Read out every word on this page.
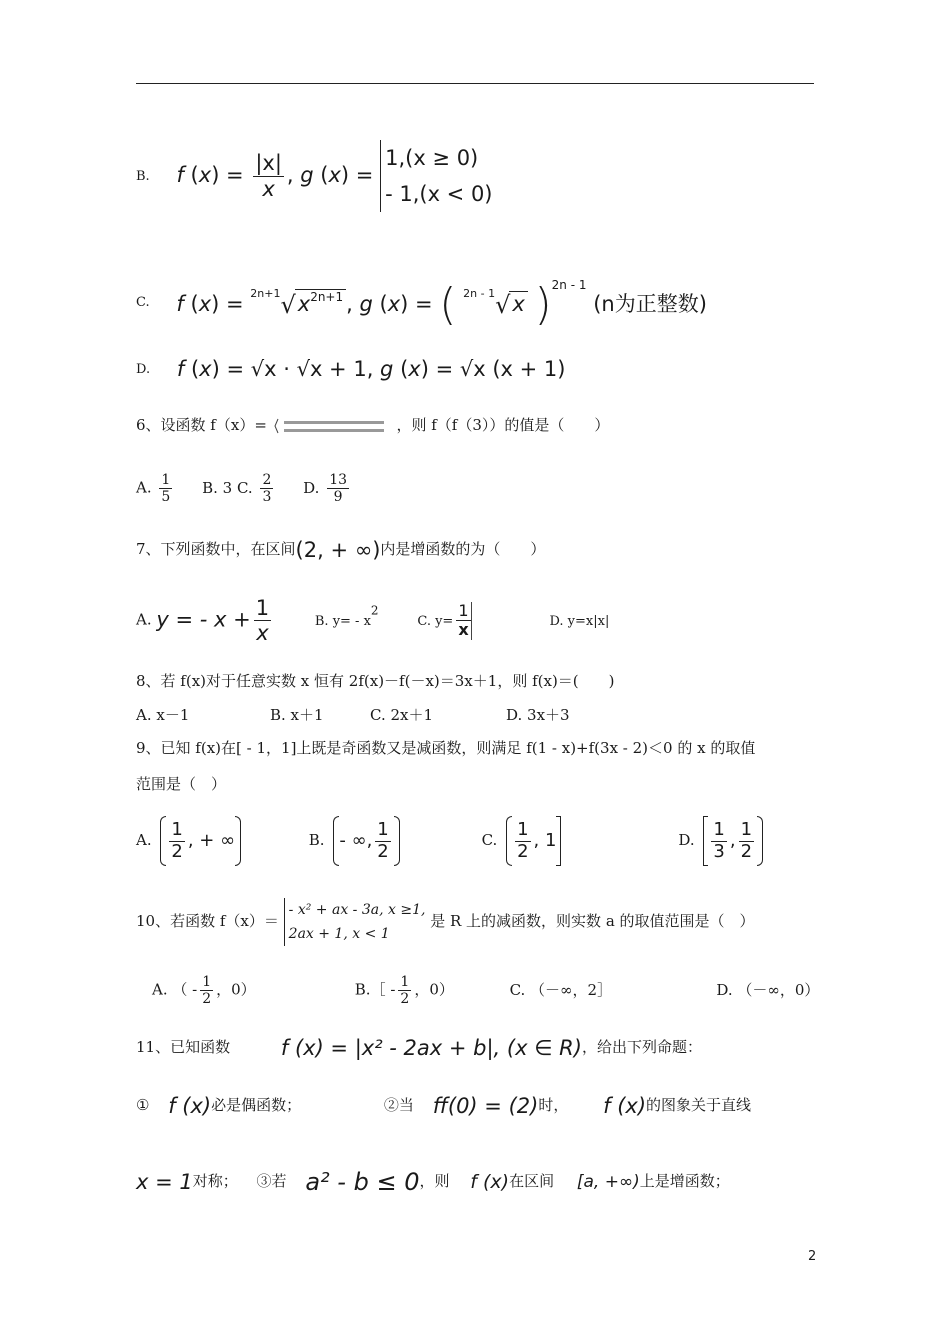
B. f $(x) = \frac{|x|}{x}$ , g (x) =
1,(x ≥ 0)
- 1,(x < 0)
C. f $(x) = ^{2n+1}√x^{2n+1}$ , g (x) = ( $^{2n - 1}$√x )$^{2n - 1}$ (n为正整数)
D. f (x) = √x · √x + 1, g (x) = √x (x + 1)
6、设函数 f（x）=	，则 f（f（3））的值是（　　）
A. $\frac{1}{5} B$. 3 C. $\frac{2}{3} D$. $\frac{13}{9}$
7、下列函数中，在区间(2, + ∞)内是增函数的为（　　）
A. y = - $x + \frac{1}{x}$	B. $y= - x^2$ C. $y= \frac{1}{x}$	D. y=x|x|
8、若 f(x)对于任意实数 x 恒有 2f(x)－f(－x)＝3x＋1，则 f(x)＝(　　)
A. x－1	B. x＋1	C. 2x＋1	D. 3x＋3
9、已知 f(x)在[ - 1，1]上既是奇函数又是减函数，则满足 f(1 - x)+f(3x - 2)＜0 的 x 的取值
范围是（　）
A. $\frac{1}{2}$ , + ∞	B. - ∞, $\frac{1}{2}$	C. $\frac{1}{2}$ , 1	D. $\frac{1}{3}$ , $\frac{1}{2}$
10、若函数 f（x）＝
- x² + ax - 3a, x ≥1,
2ax + 1, x < 1
是 R 上的减函数，则实数 a 的取值范围是（　）
A. （ - $\frac{1}{2}$ ，0）	B.［ - $\frac{1}{2}$ ，0）	C. （－∞，2］	D. （－∞，0）
11、已知函数 f (x) = |x² - 2ax + b|, (x ∈ R)，给出下列命题：
① f (x)必是偶函数；	②当 ff(0) = (2)时， f (x)的图象关于直线
x = 1对称； ③若 a² - b ≤ 0，则 f (x)在区间 [a, +∞)上是增函数；
2
